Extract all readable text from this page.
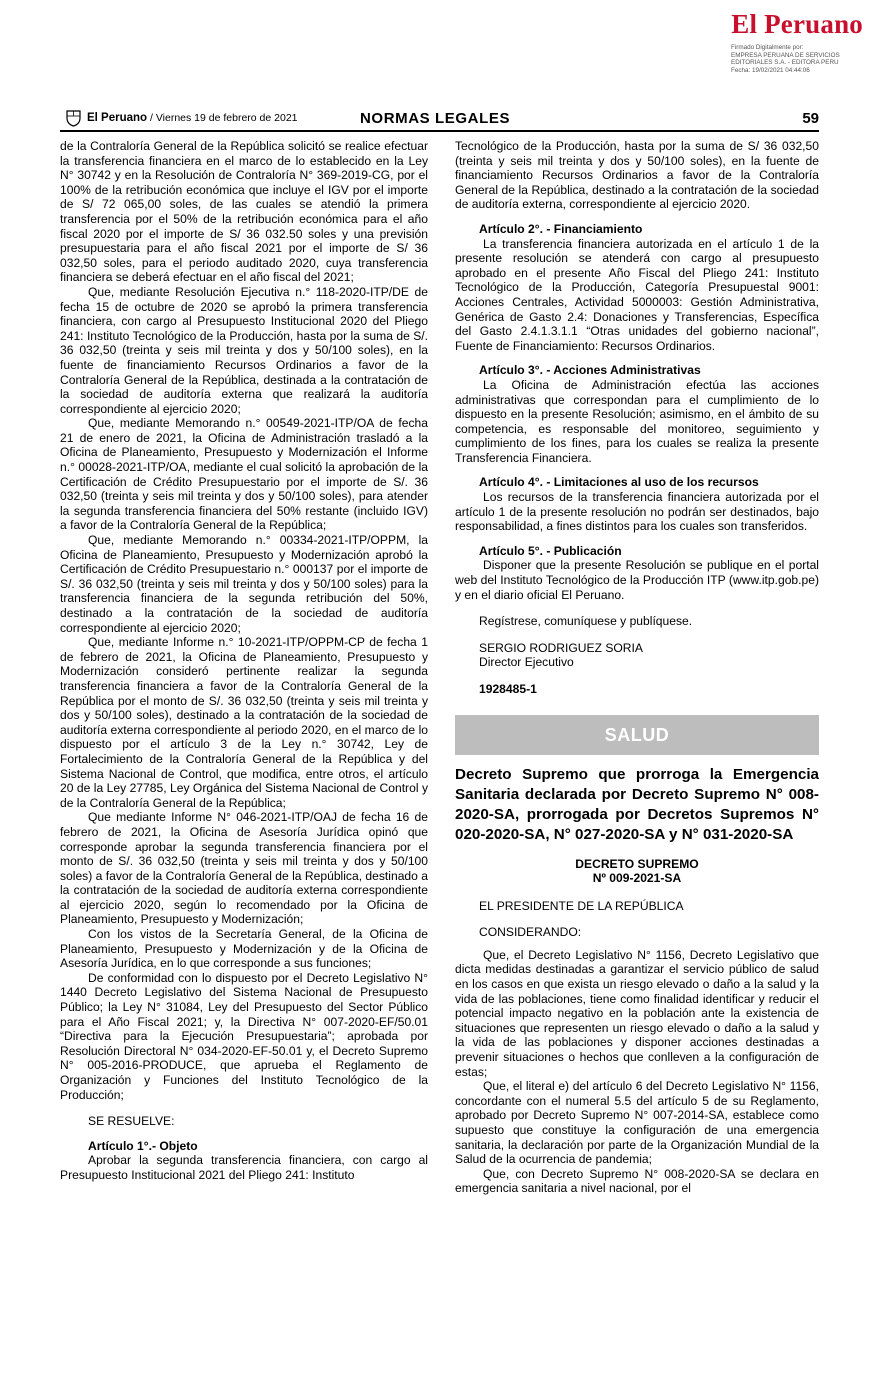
El Peruano
Firmado Digitalmente por:
EMPRESA PERUANA DE SERVICIOS
EDITORIALES S.A. - EDITORA PERU
Fecha: 19/02/2021 04:44:06
El Peruano / Viernes 19 de febrero de 2021	NORMAS LEGALES	59

de la Contraloría General de la República solicitó se realice efectuar la transferencia financiera en el marco de lo establecido en la Ley N° 30742 y en la Resolución de Contraloría N° 369-2019-CG, por el 100% de la retribución económica que incluye el IGV por el importe de S/ 72 065,00 soles, de las cuales se atendió la primera transferencia por el 50% de la retribución económica para el año fiscal 2020 por el importe de S/ 36 032.50 soles y una previsión presupuestaria para el año fiscal 2021 por el importe de S/ 36 032,50 soles, para el periodo auditado 2020, cuya transferencia financiera se deberá efectuar en el año fiscal del 2021;

Que, mediante Resolución Ejecutiva n.° 118-2020-ITP/DE de fecha 15 de octubre de 2020 se aprobó la primera transferencia financiera, con cargo al Presupuesto Institucional 2020 del Pliego 241: Instituto Tecnológico de la Producción, hasta por la suma de S/. 36 032,50 (treinta y seis mil treinta y dos y 50/100 soles), en la fuente de financiamiento Recursos Ordinarios a favor de la Contraloría General de la República, destinada a la contratación de la sociedad de auditoría externa que realizará la auditoría correspondiente al ejercicio 2020;

Que, mediante Memorando n.° 00549-2021-ITP/OA de fecha 21 de enero de 2021, la Oficina de Administración trasladó a la Oficina de Planeamiento, Presupuesto y Modernización el Informe n.° 00028-2021-ITP/OA, mediante el cual solicitó la aprobación de la Certificación de Crédito Presupuestario por el importe de S/. 36 032,50 (treinta y seis mil treinta y dos y 50/100 soles), para atender la segunda transferencia financiera del 50% restante (incluido IGV) a favor de la Contraloría General de la República;

Que, mediante Memorando n.° 00334-2021-ITP/OPPM, la Oficina de Planeamiento, Presupuesto y Modernización aprobó la Certificación de Crédito Presupuestario n.° 000137 por el importe de S/. 36 032,50 (treinta y seis mil treinta y dos y 50/100 soles) para la transferencia financiera de la segunda retribución del 50%, destinado a la contratación de la sociedad de auditoría correspondiente al ejercicio 2020;

Que, mediante Informe n.° 10-2021-ITP/OPPM-CP de fecha 1 de febrero de 2021, la Oficina de Planeamiento, Presupuesto y Modernización consideró pertinente realizar la segunda transferencia financiera a favor de la Contraloría General de la República por el monto de S/. 36 032,50 (treinta y seis mil treinta y dos y 50/100 soles), destinado a la contratación de la sociedad de auditoría externa correspondiente al periodo 2020, en el marco de lo dispuesto por el artículo 3 de la Ley n.° 30742, Ley de Fortalecimiento de la Contraloría General de la República y del Sistema Nacional de Control, que modifica, entre otros, el artículo 20 de la Ley 27785, Ley Orgánica del Sistema Nacional de Control y de la Contraloría General de la República;

Que mediante Informe N° 046-2021-ITP/OAJ de fecha 16 de febrero de 2021, la Oficina de Asesoría Jurídica opinó que corresponde aprobar la segunda transferencia financiera por el monto de S/. 36 032,50 (treinta y seis mil treinta y dos y 50/100 soles) a favor de la Contraloría General de la República, destinado a la contratación de la sociedad de auditoría externa correspondiente al ejercicio 2020, según lo recomendado por la Oficina de Planeamiento, Presupuesto y Modernización;

Con los vistos de la Secretaría General, de la Oficina de Planeamiento, Presupuesto y Modernización y de la Oficina de Asesoría Jurídica, en lo que corresponde a sus funciones;

De conformidad con lo dispuesto por el Decreto Legislativo N° 1440 Decreto Legislativo del Sistema Nacional de Presupuesto Público; la Ley N° 31084, Ley del Presupuesto del Sector Público para el Año Fiscal 2021; y, la Directiva N° 007-2020-EF/50.01 “Directiva para la Ejecución Presupuestaria”; aprobada por Resolución Directoral N° 034-2020-EF-50.01 y, el Decreto Supremo N° 005-2016-PRODUCE, que aprueba el Reglamento de Organización y Funciones del Instituto Tecnológico de la Producción;

SE RESUELVE:

Artículo 1°.- Objeto

Aprobar la segunda transferencia financiera, con cargo al Presupuesto Institucional 2021 del Pliego 241: Instituto

Tecnológico de la Producción, hasta por la suma de S/ 36 032,50 (treinta y seis mil treinta y dos y 50/100 soles), en la fuente de financiamiento Recursos Ordinarios a favor de la Contraloría General de la República, destinado a la contratación de la sociedad de auditoría externa, correspondiente al ejercicio 2020.

Artículo 2°. - Financiamiento

La transferencia financiera autorizada en el artículo 1 de la presente resolución se atenderá con cargo al presupuesto aprobado en el presente Año Fiscal del Pliego 241: Instituto Tecnológico de la Producción, Categoría Presupuestal 9001: Acciones Centrales, Actividad 5000003: Gestión Administrativa, Genérica de Gasto 2.4: Donaciones y Transferencias, Específica del Gasto 2.4.1.3.1.1 “Otras unidades del gobierno nacional”, Fuente de Financiamiento: Recursos Ordinarios.

Artículo 3°. - Acciones Administrativas

La Oficina de Administración efectúa las acciones administrativas que correspondan para el cumplimiento de lo dispuesto en la presente Resolución; asimismo, en el ámbito de su competencia, es responsable del monitoreo, seguimiento y cumplimiento de los fines, para los cuales se realiza la presente Transferencia Financiera.

Artículo 4°. - Limitaciones al uso de los recursos

Los recursos de la transferencia financiera autorizada por el artículo 1 de la presente resolución no podrán ser destinados, bajo responsabilidad, a fines distintos para los cuales son transferidos.

Artículo 5°. - Publicación

Disponer que la presente Resolución se publique en el portal web del Instituto Tecnológico de la Producción ITP (www.itp.gob.pe) y en el diario oficial El Peruano.

Regístrese, comuníquese y publíquese.

SERGIO RODRIGUEZ SORIA

Director Ejecutivo

1928485-1

SALUD
Decreto Supremo que prorroga la Emergencia Sanitaria declarada por Decreto Supremo N° 008-2020-SA, prorrogada por Decretos Supremos N° 020-2020-SA, N° 027-2020-SA y N° 031-2020-SA
DECRETO SUPREMO
Nº 009-2021-SA

EL PRESIDENTE DE LA REPÚBLICA

CONSIDERANDO:

Que, el Decreto Legislativo N° 1156, Decreto Legislativo que dicta medidas destinadas a garantizar el servicio público de salud en los casos en que exista un riesgo elevado o daño a la salud y la vida de las poblaciones, tiene como finalidad identificar y reducir el potencial impacto negativo en la población ante la existencia de situaciones que representen un riesgo elevado o daño a la salud y la vida de las poblaciones y disponer acciones destinadas a prevenir situaciones o hechos que conlleven a la configuración de estas;

Que, el literal e) del artículo 6 del Decreto Legislativo N° 1156, concordante con el numeral 5.5 del artículo 5 de su Reglamento, aprobado por Decreto Supremo N° 007-2014-SA, establece como supuesto que constituye la configuración de una emergencia sanitaria, la declaración por parte de la Organización Mundial de la Salud de la ocurrencia de pandemia;

Que, con Decreto Supremo N° 008-2020-SA se declara en emergencia sanitaria a nivel nacional, por el
